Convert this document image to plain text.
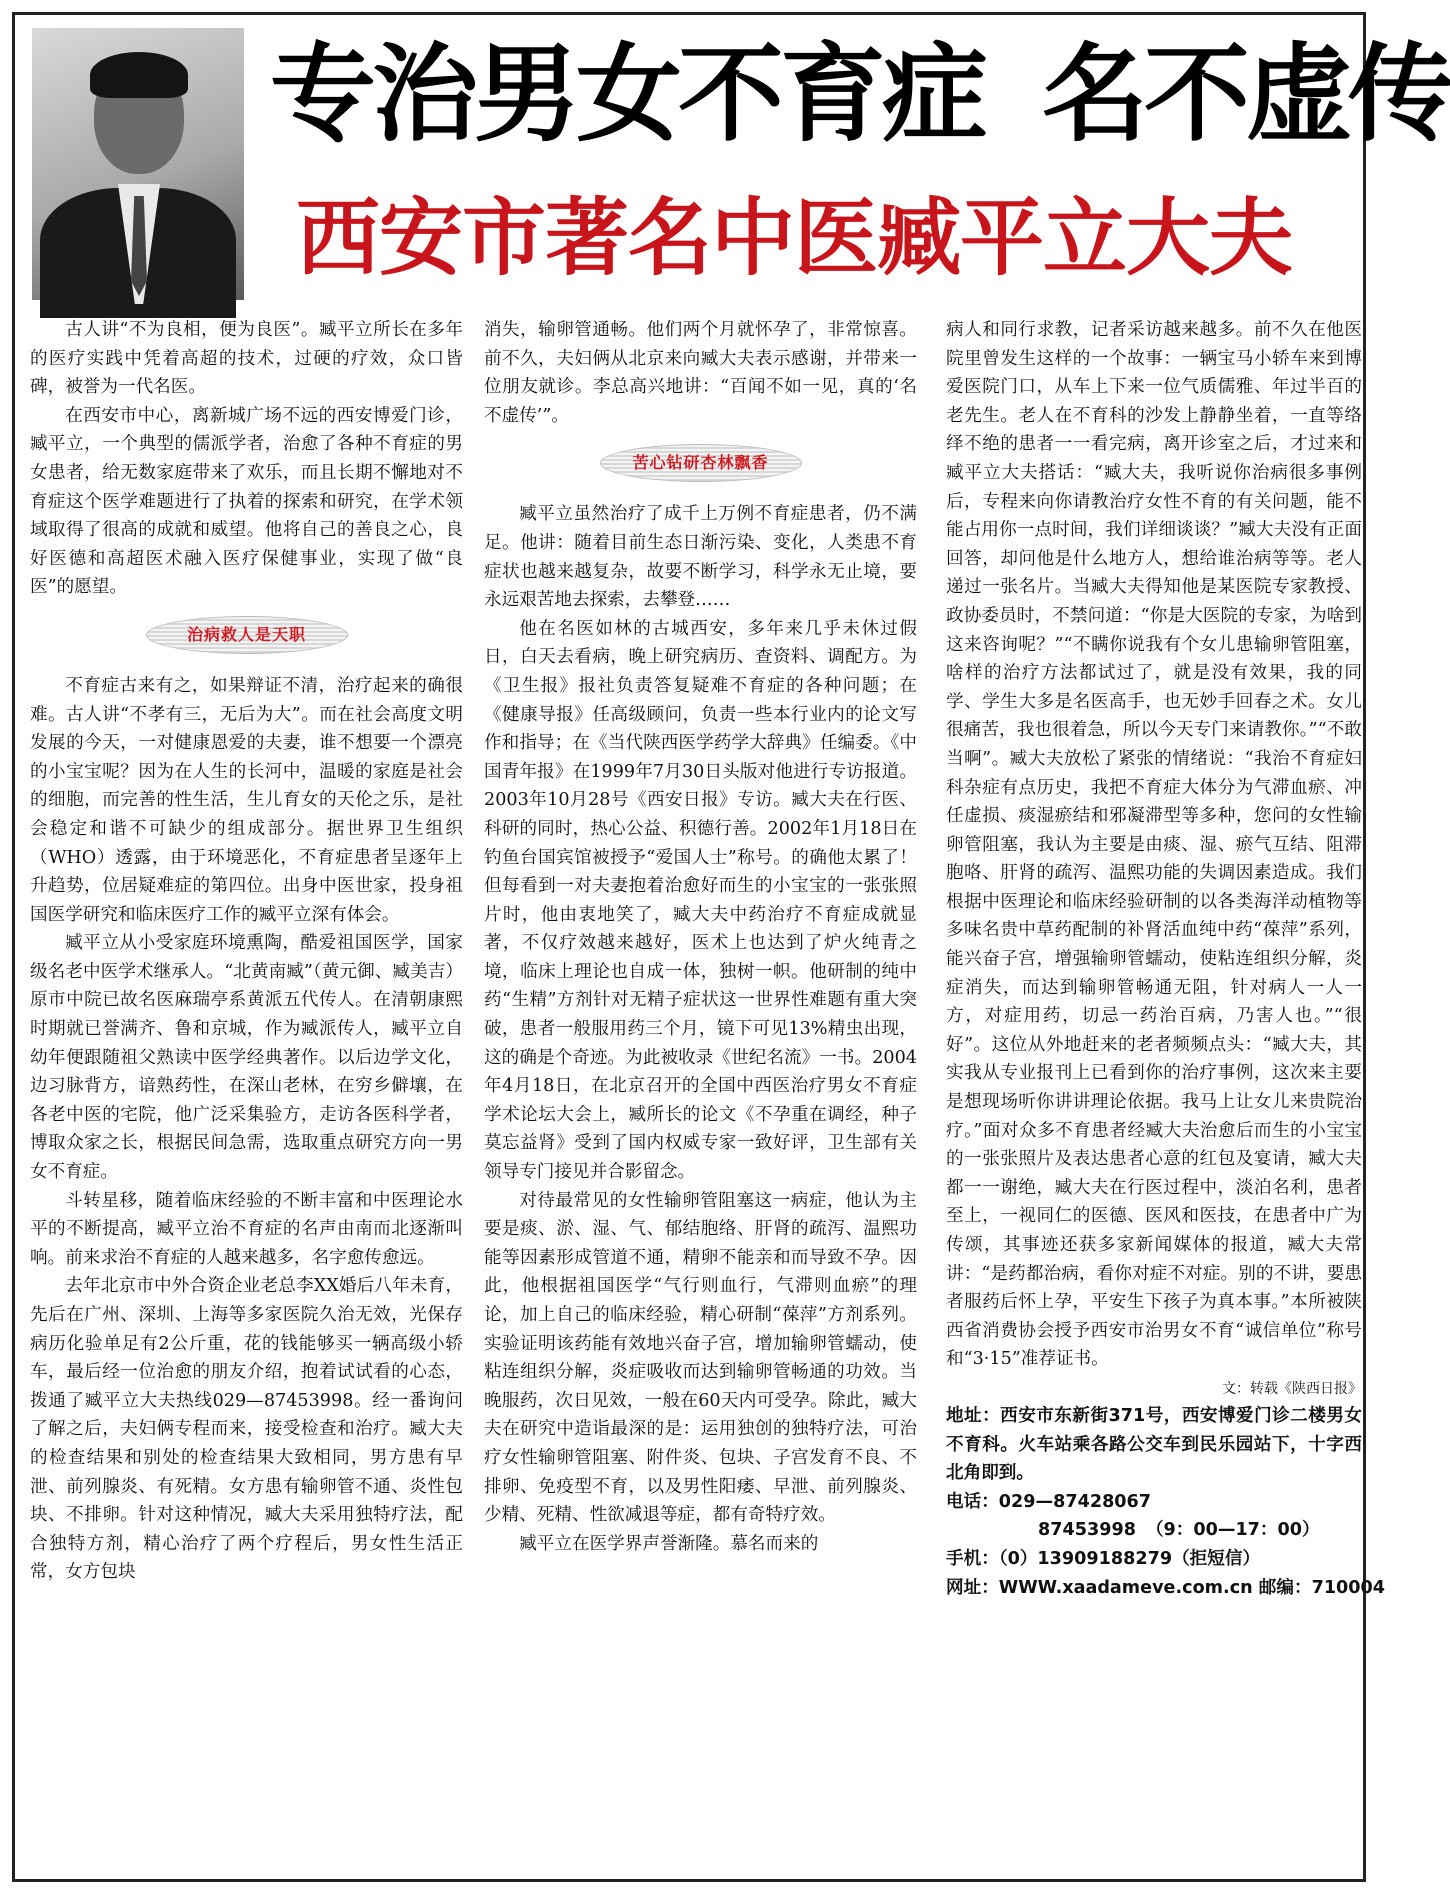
专治男女不育症 名不虚传
西安市著名中医臧平立大夫

古人讲“不为良相，便为良医”。臧平立所长在多年的医疗实践中凭着高超的技术，过硬的疗效，众口皆碑，被誉为一代名医。

在西安市中心，离新城广场不远的西安博爱门诊，臧平立，一个典型的儒派学者，治愈了各种不育症的男女患者，给无数家庭带来了欢乐，而且长期不懈地对不育症这个医学难题进行了执着的探索和研究，在学术领域取得了很高的成就和威望。他将自己的善良之心，良好医德和高超医术融入医疗保健事业，实现了做“良医”的愿望。

治病救人是天职

不育症古来有之，如果辩证不清，治疗起来的确很难。古人讲“不孝有三，无后为大”。而在社会高度文明发展的今天，一对健康恩爱的夫妻，谁不想要一个漂亮的小宝宝呢？因为在人生的长河中，温暖的家庭是社会的细胞，而完善的性生活，生儿育女的天伦之乐，是社会稳定和谐不可缺少的组成部分。据世界卫生组织（WHO）透露，由于环境恶化，不育症患者呈逐年上升趋势，位居疑难症的第四位。出身中医世家，投身祖国医学研究和临床医疗工作的臧平立深有体会。

臧平立从小受家庭环境熏陶，酷爱祖国医学，国家级名老中医学术继承人。“北黄南臧”（黄元御、臧美吉）原市中院已故名医麻瑞亭系黄派五代传人。在清朝康熙时期就已誉满齐、鲁和京城，作为臧派传人，臧平立自幼年便跟随祖父熟读中医学经典著作。以后边学文化，边习脉背方，谙熟药性，在深山老林，在穷乡僻壤，在各老中医的宅院，他广泛采集验方，走访各医科学者，博取众家之长，根据民间急需，选取重点研究方向一男女不育症。

斗转星移，随着临床经验的不断丰富和中医理论水平的不断提高，臧平立治不育症的名声由南而北逐渐叫响。前来求治不育症的人越来越多，名字愈传愈远。

去年北京市中外合资企业老总李XX婚后八年未育，先后在广州、深圳、上海等多家医院久治无效，光保存病历化验单足有2公斤重，花的钱能够买一辆高级小轿车，最后经一位治愈的朋友介绍，抱着试试看的心态，拨通了臧平立大夫热线029—87453998。经一番询问了解之后，夫妇俩专程而来，接受检查和治疗。臧大夫的检查结果和别处的检查结果大致相同，男方患有早泄、前列腺炎、有死精。女方患有输卵管不通、炎性包块、不排卵。针对这种情况，臧大夫采用独特疗法，配合独特方剂，精心治疗了两个疗程后，男女性生活正常，女方包块

消失，输卵管通畅。他们两个月就怀孕了，非常惊喜。前不久，夫妇俩从北京来向臧大夫表示感谢，并带来一位朋友就诊。李总高兴地讲：“百闻不如一见，真的‘名不虚传’”。

苦心钻研杏林飘香

臧平立虽然治疗了成千上万例不育症患者，仍不满足。他讲：随着目前生态日渐污染、变化，人类患不育症状也越来越复杂，故要不断学习，科学永无止境，要永远艰苦地去探索，去攀登……

他在名医如林的古城西安，多年来几乎未休过假日，白天去看病，晚上研究病历、查资料、调配方。为《卫生报》报社负责答复疑难不育症的各种问题；在《健康导报》任高级顾问，负责一些本行业内的论文写作和指导；在《当代陕西医学药学大辞典》任编委。《中国青年报》在1999年7月30日头版对他进行专访报道。2003年10月28号《西安日报》专访。臧大夫在行医、科研的同时，热心公益、积德行善。2002年1月18日在钓鱼台国宾馆被授予“爱国人士”称号。的确他太累了！但每看到一对夫妻抱着治愈好而生的小宝宝的一张张照片时，他由衷地笑了，臧大夫中药治疗不育症成就显著，不仅疗效越来越好，医术上也达到了炉火纯青之境，临床上理论也自成一体，独树一帜。他研制的纯中药“生精”方剂针对无精子症状这一世界性难题有重大突破，患者一般服用药三个月，镜下可见13%精虫出现，这的确是个奇迹。为此被收录《世纪名流》一书。2004年4月18日，在北京召开的全国中西医治疗男女不育症学术论坛大会上，臧所长的论文《不孕重在调经，种子莫忘益肾》受到了国内权威专家一致好评，卫生部有关领导专门接见并合影留念。

对待最常见的女性输卵管阻塞这一病症，他认为主要是痰、淤、湿、气、郁结胞络、肝肾的疏泻、温熙功能等因素形成管道不通，精卵不能亲和而导致不孕。因此，他根据祖国医学“气行则血行，气滞则血瘀”的理论，加上自己的临床经验，精心研制“葆萍”方剂系列。实验证明该药能有效地兴奋子宫，增加输卵管蠕动，使粘连组织分解，炎症吸收而达到输卵管畅通的功效。当晚服药，次日见效，一般在60天内可受孕。除此，臧大夫在研究中造诣最深的是：运用独创的独特疗法，可治疗女性输卵管阻塞、附件炎、包块、子宫发育不良、不排卵、免疫型不育，以及男性阳痿、早泄、前列腺炎、少精、死精、性欲减退等症，都有奇特疗效。

臧平立在医学界声誉渐隆。慕名而来的

病人和同行求教，记者采访越来越多。前不久在他医院里曾发生这样的一个故事：一辆宝马小轿车来到博爱医院门口，从车上下来一位气质儒雅、年过半百的老先生。老人在不育科的沙发上静静坐着，一直等络绎不绝的患者一一看完病，离开诊室之后，才过来和臧平立大夫搭话：“臧大夫，我听说你治病很多事例后，专程来向你请教治疗女性不育的有关问题，能不能占用你一点时间，我们详细谈谈？”臧大夫没有正面回答，却问他是什么地方人，想给谁治病等等。老人递过一张名片。当臧大夫得知他是某医院专家教授、政协委员时，不禁问道：“你是大医院的专家，为啥到这来咨询呢？”“不瞒你说我有个女儿患输卵管阻塞，啥样的治疗方法都试过了，就是没有效果，我的同学、学生大多是名医高手，也无妙手回春之术。女儿很痛苦，我也很着急，所以今天专门来请教你。”“不敢当啊”。臧大夫放松了紧张的情绪说：“我治不育症妇科杂症有点历史，我把不育症大体分为气滞血瘀、冲任虚损、痰湿瘀结和邪凝滞型等多种，您问的女性输卵管阻塞，我认为主要是由痰、湿、瘀气互结、阻滞胞咯、肝肾的疏泻、温熙功能的失调因素造成。我们根据中医理论和临床经验研制的以各类海洋动植物等多味名贵中草药配制的补肾活血纯中药“葆萍”系列，能兴奋子宫，增强输卵管蠕动，使粘连组织分解，炎症消失，而达到输卵管畅通无阻，针对病人一人一方，对症用药，切忌一药治百病，乃害人也。”“很好”。这位从外地赶来的老者频频点头：“臧大夫，其实我从专业报刊上已看到你的治疗事例，这次来主要是想现场听你讲讲理论依据。我马上让女儿来贵院治疗。”面对众多不育患者经臧大夫治愈后而生的小宝宝的一张张照片及表达患者心意的红包及宴请，臧大夫都一一谢绝，臧大夫在行医过程中，淡泊名利，患者至上，一视同仁的医德、医风和医技，在患者中广为传颂，其事迹还获多家新闻媒体的报道，臧大夫常讲：“是药都治病，看你对症不对症。别的不讲，要患者服药后怀上孕，平安生下孩子为真本事。”本所被陕西省消费协会授予西安市治男女不育“诚信单位”称号和“3·15”准荐证书。

文：转载《陕西日报》
地址：西安市东新街371号，西安博爱门诊二楼男女不育科。火车站乘各路公交车到民乐园站下，十字西北角即到。
电话：029—87428067
87453998 （9：00—17：00）
手机：（0）13909188279（拒短信）
网址：WWW.xaadameve.com.cn 邮编：710004
